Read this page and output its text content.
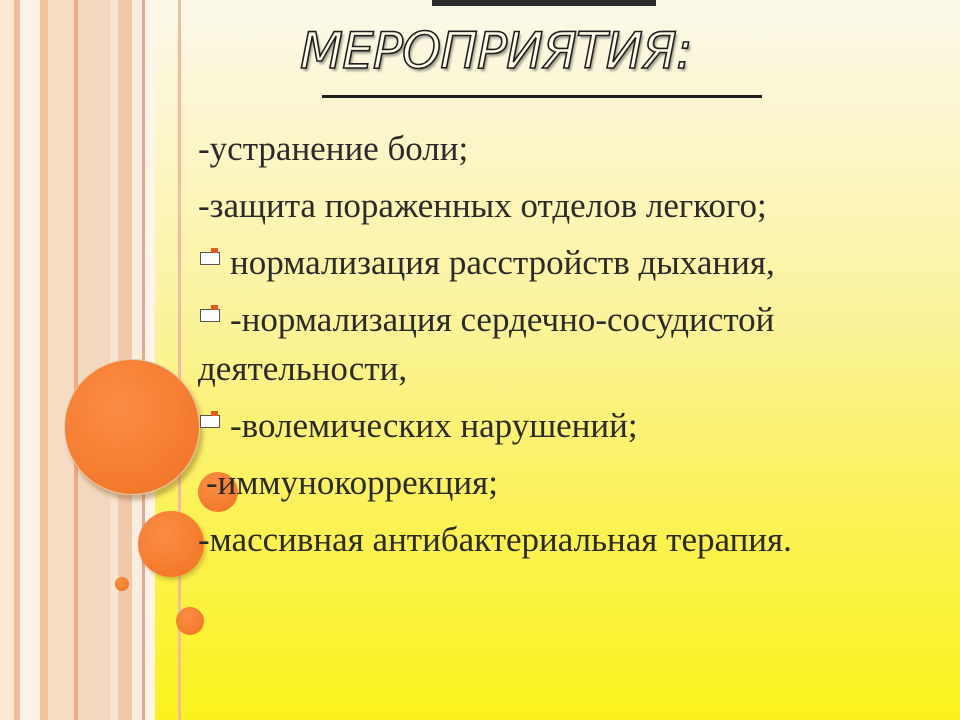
МЕРОПРИЯТИЯ:
-устранение боли;
-защита пораженных отделов легкого;
нормализация расстройств дыхания,
-нормализация сердечно-сосудистой деятельности,
-волемических нарушений;
-иммунокоррекция;
-массивная антибактериальная терапия.
